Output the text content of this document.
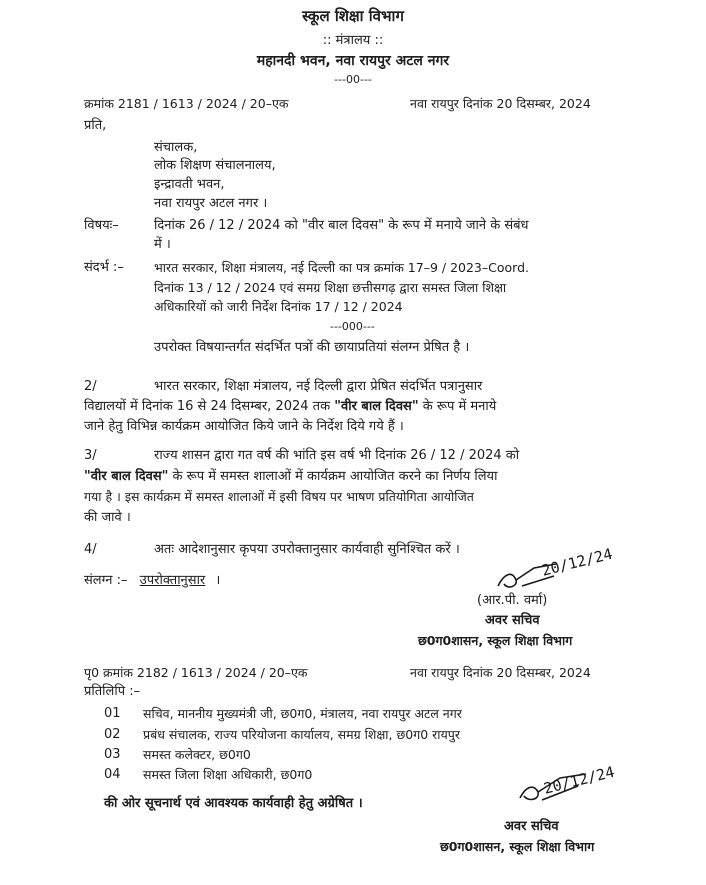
स्कूल शिक्षा विभाग
:: मंत्रालय ::
महानदी भवन, नवा रायपुर अटल नगर
---00---
क्रमांक 2181 / 1613 / 2024 / 20–एक	नवा रायपुर दिनांक 20 दिसम्बर, 2024
प्रति,
संचालक,
लोक शिक्षण संचालनालय,
इन्द्रावती भवन,
नवा रायपुर अटल नगर ।
विषयः–	दिनांक 26 / 12 / 2024 को "वीर बाल दिवस" के रूप में मनाये जाने के संबंध
में ।
संदर्भ :– भारत सरकार, शिक्षा मंत्रालय, नई दिल्ली का पत्र क्रमांक 17–9 / 2023–Coord.
दिनांक 13 / 12 / 2024 एवं समग्र शिक्षा छत्तीसगढ़ द्वारा समस्त जिला शिक्षा
अधिकारियों को जारी निर्देश दिनांक 17 / 12 / 2024
---000---
उपरोक्त विषयान्तर्गत संदर्भित पत्रों की छायाप्रतियां संलग्न प्रेषित है ।
2/	भारत सरकार, शिक्षा मंत्रालय, नई दिल्ली द्वारा प्रेषित संदर्भित पत्रानुसार
विद्यालयों में दिनांक 16 से 24 दिसम्बर, 2024 तक "वीर बाल दिवस" के रूप में मनाये
जाने हेतु विभिन्न कार्यक्रम आयोजित किये जाने के निर्देश दिये गये हैं ।
3/	राज्य शासन द्वारा गत वर्ष की भांति इस वर्ष भी दिनांक 26 / 12 / 2024 को
"वीर बाल दिवस" के रूप में समस्त शालाओं में कार्यक्रम आयोजित करने का निर्णय लिया
गया है । इस कार्यक्रम में समस्त शालाओं में इसी विषय पर भाषण प्रतियोगिता आयोजित
की जावे ।
4/	अतः आदेशानुसार कृपया उपरोक्तानुसार कार्यवाही सुनिश्चित करें ।
संलग्न :– उपरोक्तानुसार ।
20/12/24
(आर.पी. वर्मा)
अवर सचिव
छ0ग0शासन, स्कूल शिक्षा विभाग
पृ0 क्रमांक 2182 / 1613 / 2024 / 20–एक	नवा रायपुर दिनांक 20 दिसम्बर, 2024
प्रतिलिपि :–
01 सचिव, माननीय मुख्यमंत्री जी, छ0ग0, मंत्रालय, नवा रायपुर अटल नगर
02 प्रबंध संचालक, राज्य परियोजना कार्यालय, समग्र शिक्षा, छ0ग0 रायपुर
03 समस्त कलेक्टर, छ0ग0
04 समस्त जिला शिक्षा अधिकारी, छ0ग0
की ओर सूचनार्थ एवं आवश्यक कार्यवाही हेतु अग्रेषित ।
20/12/24
अवर सचिव
छ0ग0शासन, स्कूल शिक्षा विभाग
